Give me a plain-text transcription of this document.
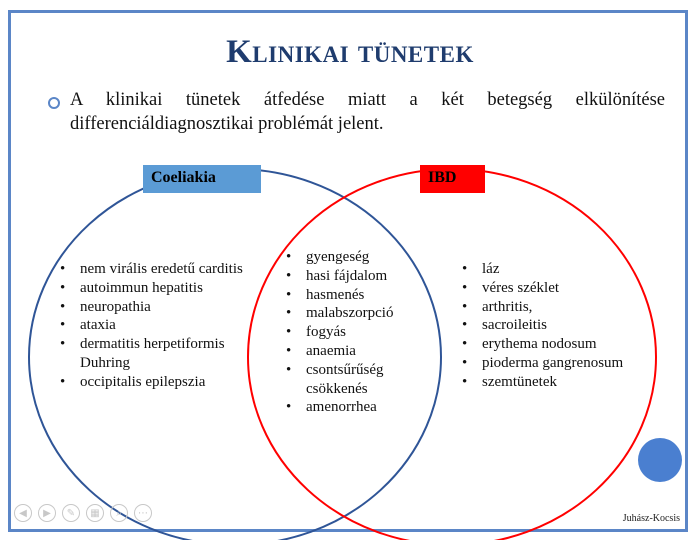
Klinikai tünetek
A klinikai tünetek átfedése miatt a két betegség elkülönítése differenciáldiagnosztikai problémát jelent.
Coeliakia	IBD
• nem virális eredetű carditis
• autoimmun hepatitis
• neuropathia
• ataxia
• dermatitis herpetiformis Duhring
• occipitalis epilepszia
• gyengeség
• hasi fájdalom
• hasmenés
• malabszorpció
• fogyás
• anaemia
• csontsűrűség csökkenés
• amenorrhea
• láz
• véres széklet
• arthritis,
• sacroileitis
• erythema nodosum
• pioderma gangrenosum
• szemtünetek
◀	▶	✎	▦	⌕	⋯	Juhász-Kocsis
